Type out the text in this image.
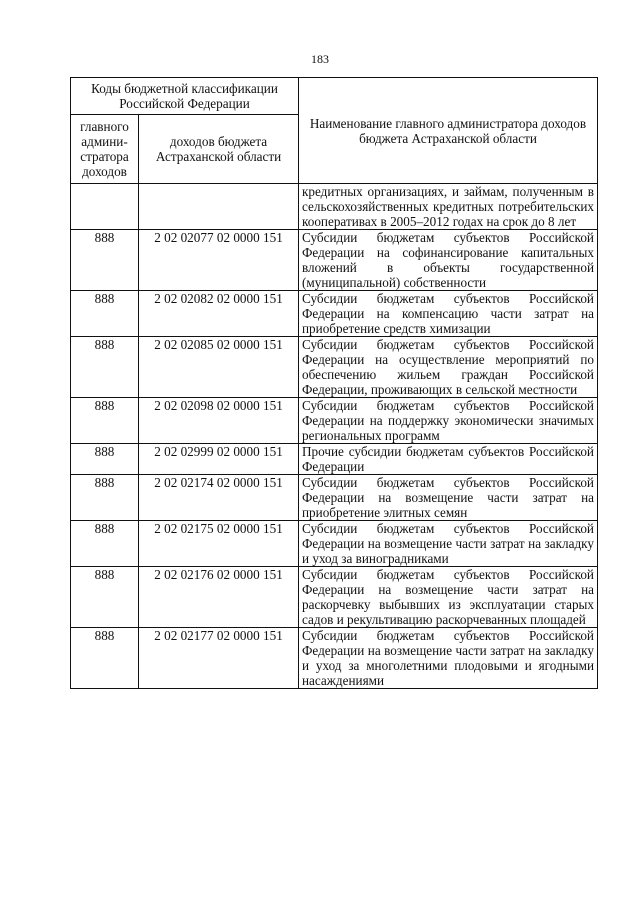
183
Коды бюджетной классификации Российской Федерации		Наименование главного администратора доходов бюджета Астраханской области
главного админи-стратора доходов	доходов бюджета Астраханской области	
		кредитных организациях, и займам, полученным в сельскохозяйственных кредитных потребительских кооперативах в 2005–2012 годах на срок до 8 лет
888	2 02 02077 02 0000 151	Субсидии бюджетам субъектов Российской Федерации на софинансирование капитальных вложений в объекты государственной (муниципальной) собственности
888	2 02 02082 02 0000 151	Субсидии бюджетам субъектов Российской Федерации на компенсацию части затрат на приобретение средств химизации
888	2 02 02085 02 0000 151	Субсидии бюджетам субъектов Российской Федерации на осуществление мероприятий по обеспечению жильем граждан Российской Федерации, проживающих в сельской местности
888	2 02 02098 02 0000 151	Субсидии бюджетам субъектов Российской Федерации на поддержку экономически значимых региональных программ
888	2 02 02999 02 0000 151	Прочие субсидии бюджетам субъектов Российской Федерации
888	2 02 02174 02 0000 151	Субсидии бюджетам субъектов Российской Федерации на возмещение части затрат на приобретение элитных семян
888	2 02 02175 02 0000 151	Субсидии бюджетам субъектов Российской Федерации на возмещение части затрат на закладку и уход за виноградниками
888	2 02 02176 02 0000 151	Субсидии бюджетам субъектов Российской Федерации на возмещение части затрат на раскорчевку выбывших из эксплуатации старых садов и рекультивацию раскорчеванных площадей
888	2 02 02177 02 0000 151	Субсидии бюджетам субъектов Российской Федерации на возмещение части затрат на закладку и уход за многолетними плодовыми и ягодными насаждениями
